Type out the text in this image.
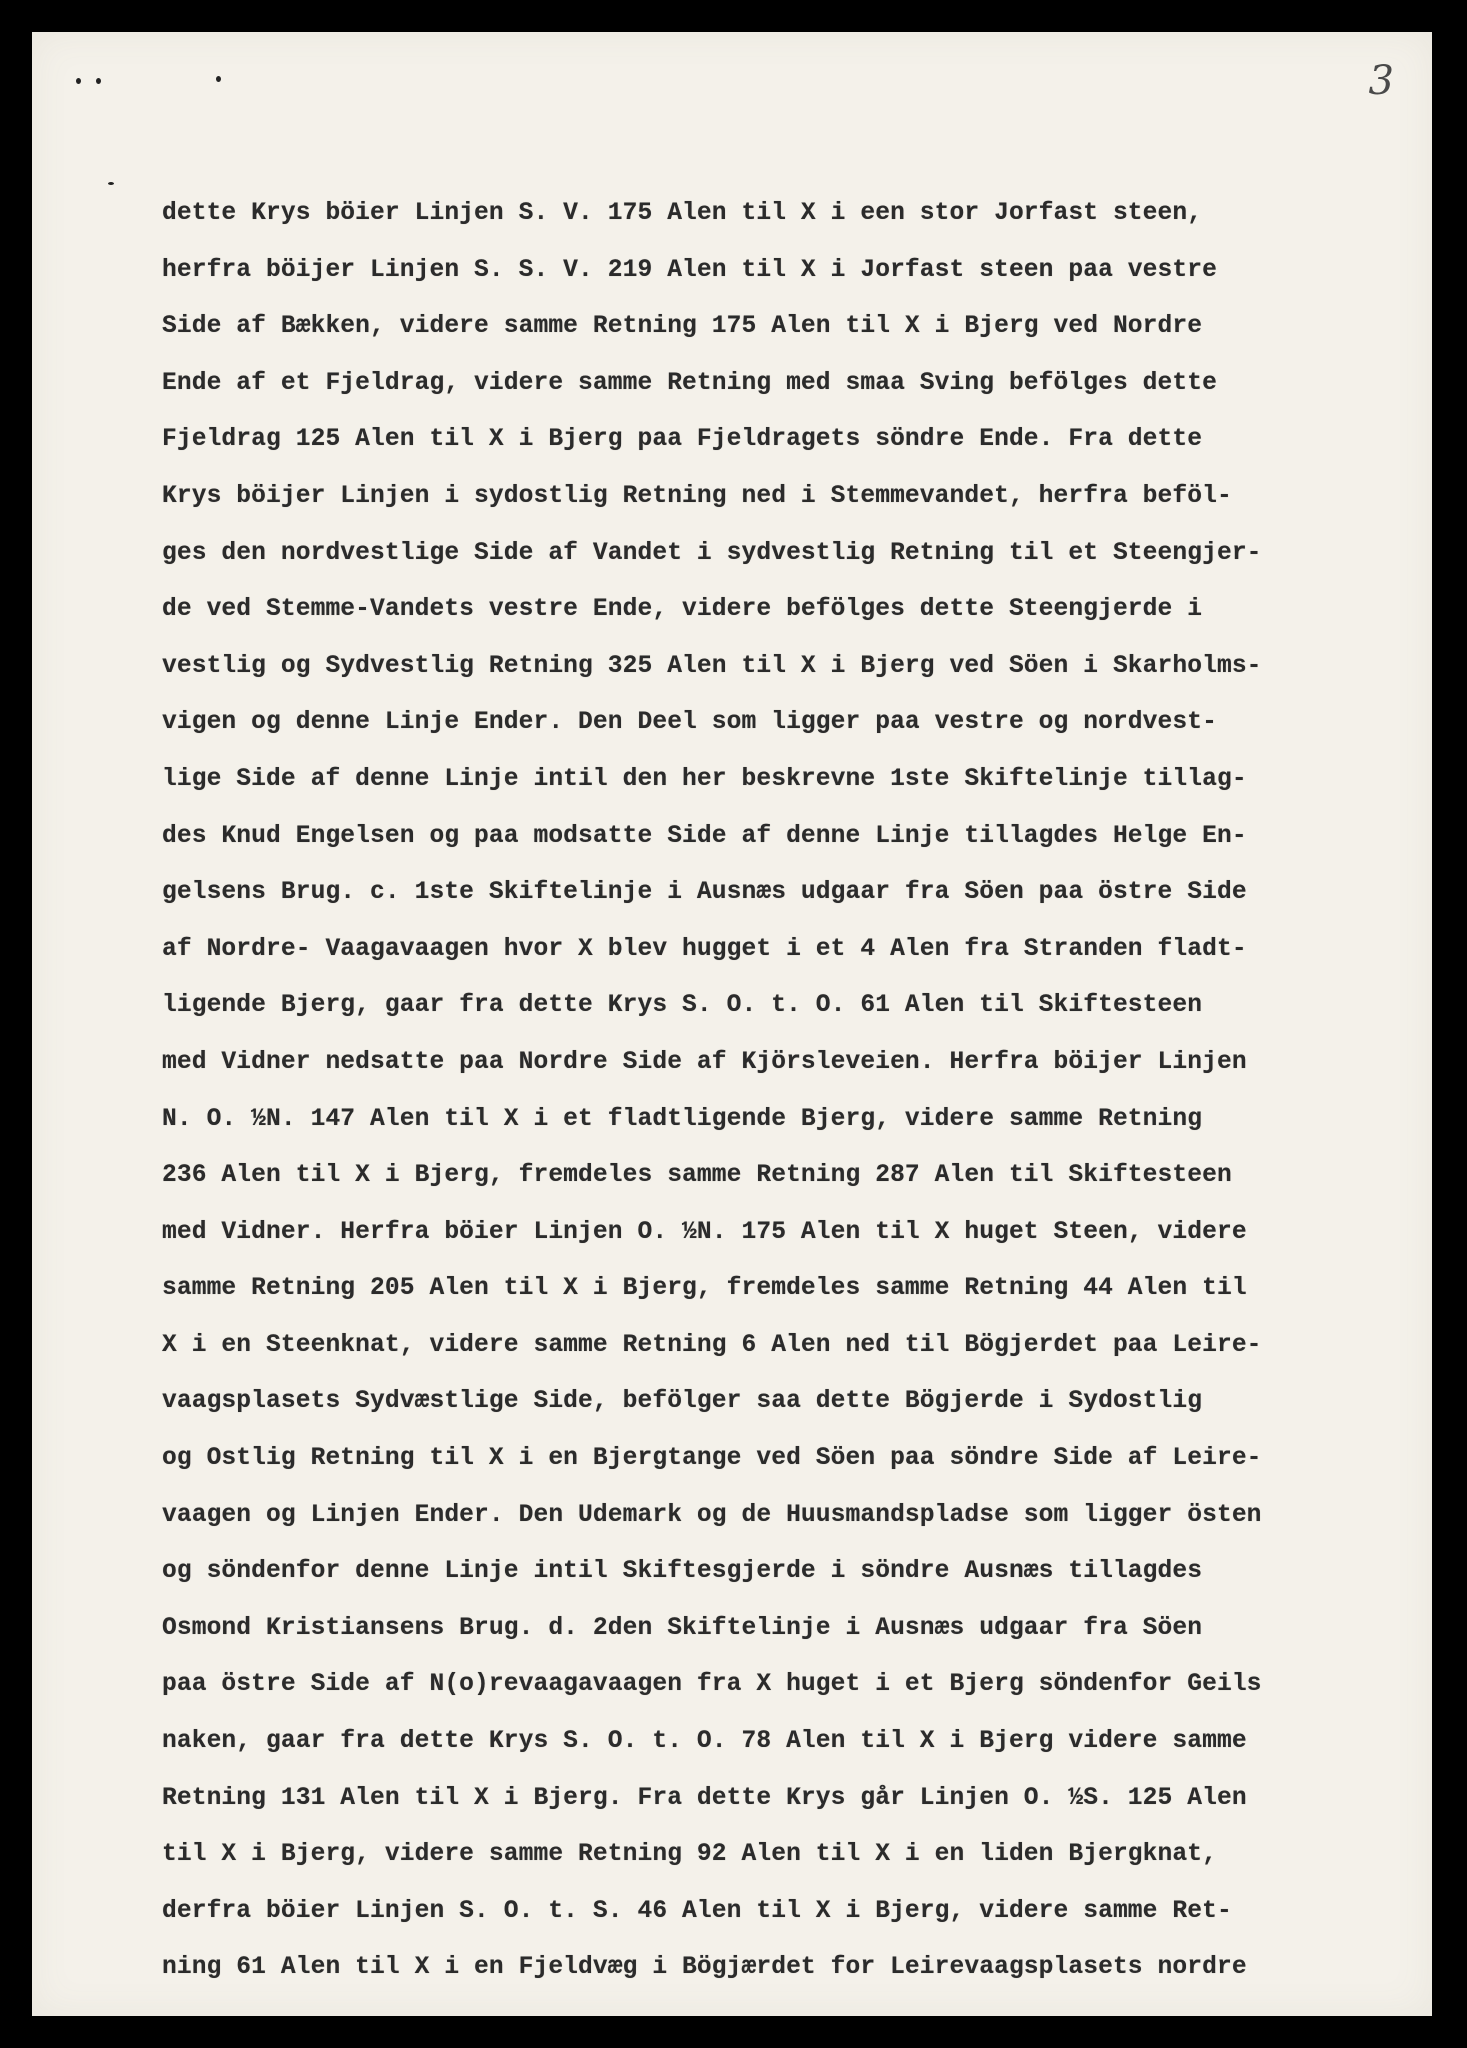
3
dette Krys böier Linjen S. V. 175 Alen til X i een stor Jorfast steen,
herfra böijer Linjen S. S. V. 219 Alen til X i Jorfast steen paa vestre
Side af Bækken, videre samme Retning 175 Alen til X i Bjerg ved Nordre
Ende af et Fjeldrag, videre samme Retning med smaa Sving befölges dette
Fjeldrag 125 Alen til X i Bjerg paa Fjeldragets söndre Ende. Fra dette
Krys böijer Linjen i sydostlig Retning ned i Stemmevandet, herfra beföl-
ges den nordvestlige Side af Vandet i sydvestlig Retning til et Steengjer-
de ved Stemme-Vandets vestre Ende, videre befölges dette Steengjerde i
vestlig og Sydvestlig Retning 325 Alen til X i Bjerg ved Söen i Skarholms-
vigen og denne Linje Ender. Den Deel som ligger paa vestre og nordvest-
lige Side af denne Linje intil den her beskrevne 1ste Skiftelinje tillag-
des Knud Engelsen og paa modsatte Side af denne Linje tillagdes Helge En-
gelsens Brug. c. 1ste Skiftelinje i Ausnæs udgaar fra Söen paa östre Side
af Nordre- Vaagavaagen hvor X blev hugget i et 4 Alen fra Stranden fladt-
ligende Bjerg, gaar fra dette Krys S. O. t. O. 61 Alen til Skiftesteen
med Vidner nedsatte paa Nordre Side af Kjörsleveien. Herfra böijer Linjen
N. O. ½N. 147 Alen til X i et fladtligende Bjerg, videre samme Retning
236 Alen til X i Bjerg, fremdeles samme Retning 287 Alen til Skiftesteen
med Vidner. Herfra böier Linjen O. ½N. 175 Alen til X huget Steen, videre
samme Retning 205 Alen til X i Bjerg, fremdeles samme Retning 44 Alen til
X i en Steenknat, videre samme Retning 6 Alen ned til Bögjerdet paa Leire-
vaagsplasets Sydvæstlige Side, befölger saa dette Bögjerde i Sydostlig
og Ostlig Retning til X i en Bjergtange ved Söen paa söndre Side af Leire-
vaagen og Linjen Ender. Den Udemark og de Huusmandspladse som ligger östen
og söndenfor denne Linje intil Skiftesgjerde i söndre Ausnæs tillagdes
Osmond Kristiansens Brug. d. 2den Skiftelinje i Ausnæs udgaar fra Söen
paa östre Side af N(o)revaagavaagen fra X huget i et Bjerg söndenfor Geils
naken, gaar fra dette Krys S. O. t. O. 78 Alen til X i Bjerg videre samme
Retning 131 Alen til X i Bjerg. Fra dette Krys går Linjen O. ½S. 125 Alen
til X i Bjerg, videre samme Retning 92 Alen til X i en liden Bjergknat,
derfra böier Linjen S. O. t. S. 46 Alen til X i Bjerg, videre samme Ret-
ning 61 Alen til X i en Fjeldvæg i Bögjærdet for Leirevaagsplasets nordre
